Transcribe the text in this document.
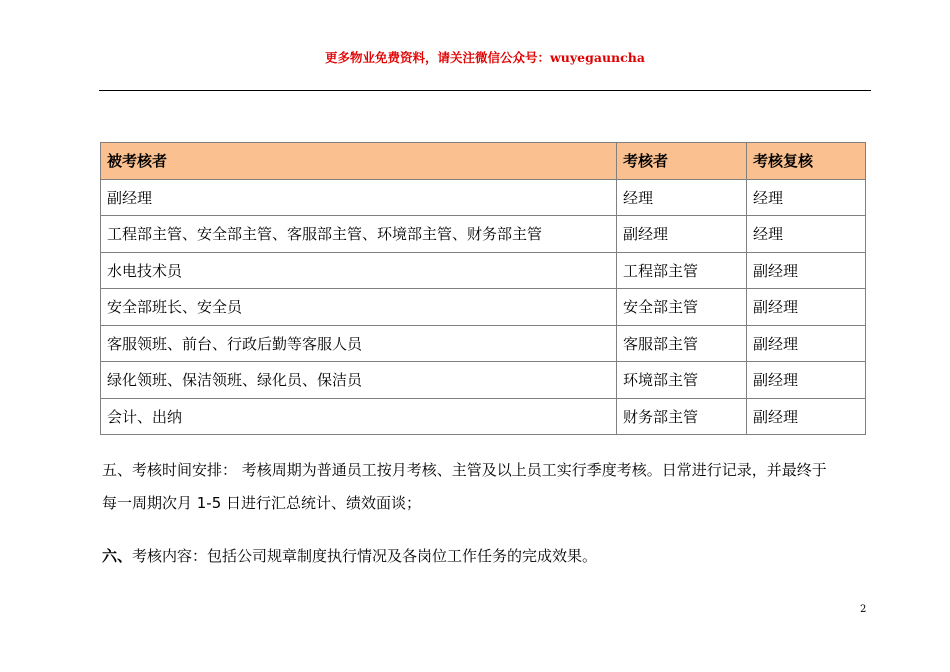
更多物业免费资料，请关注微信公众号：wuyegauncha
被考核者	考核者	考核复核
副经理	经理	经理
工程部主管、安全部主管、客服部主管、环境部主管、财务部主管	副经理	经理
水电技术员	工程部主管	副经理
安全部班长、安全员	安全部主管	副经理
客服领班、前台、行政后勤等客服人员	客服部主管	副经理
绿化领班、保洁领班、绿化员、保洁员	环境部主管	副经理
会计、出纳	财务部主管	副经理
五、考核时间安排： 考核周期为普通员工按月考核、主管及以上员工实行季度考核。日常进行记录，并最终于
每一周期次月 1-5 日进行汇总统计、绩效面谈；
六、考核内容：包括公司规章制度执行情况及各岗位工作任务的完成效果。
2
